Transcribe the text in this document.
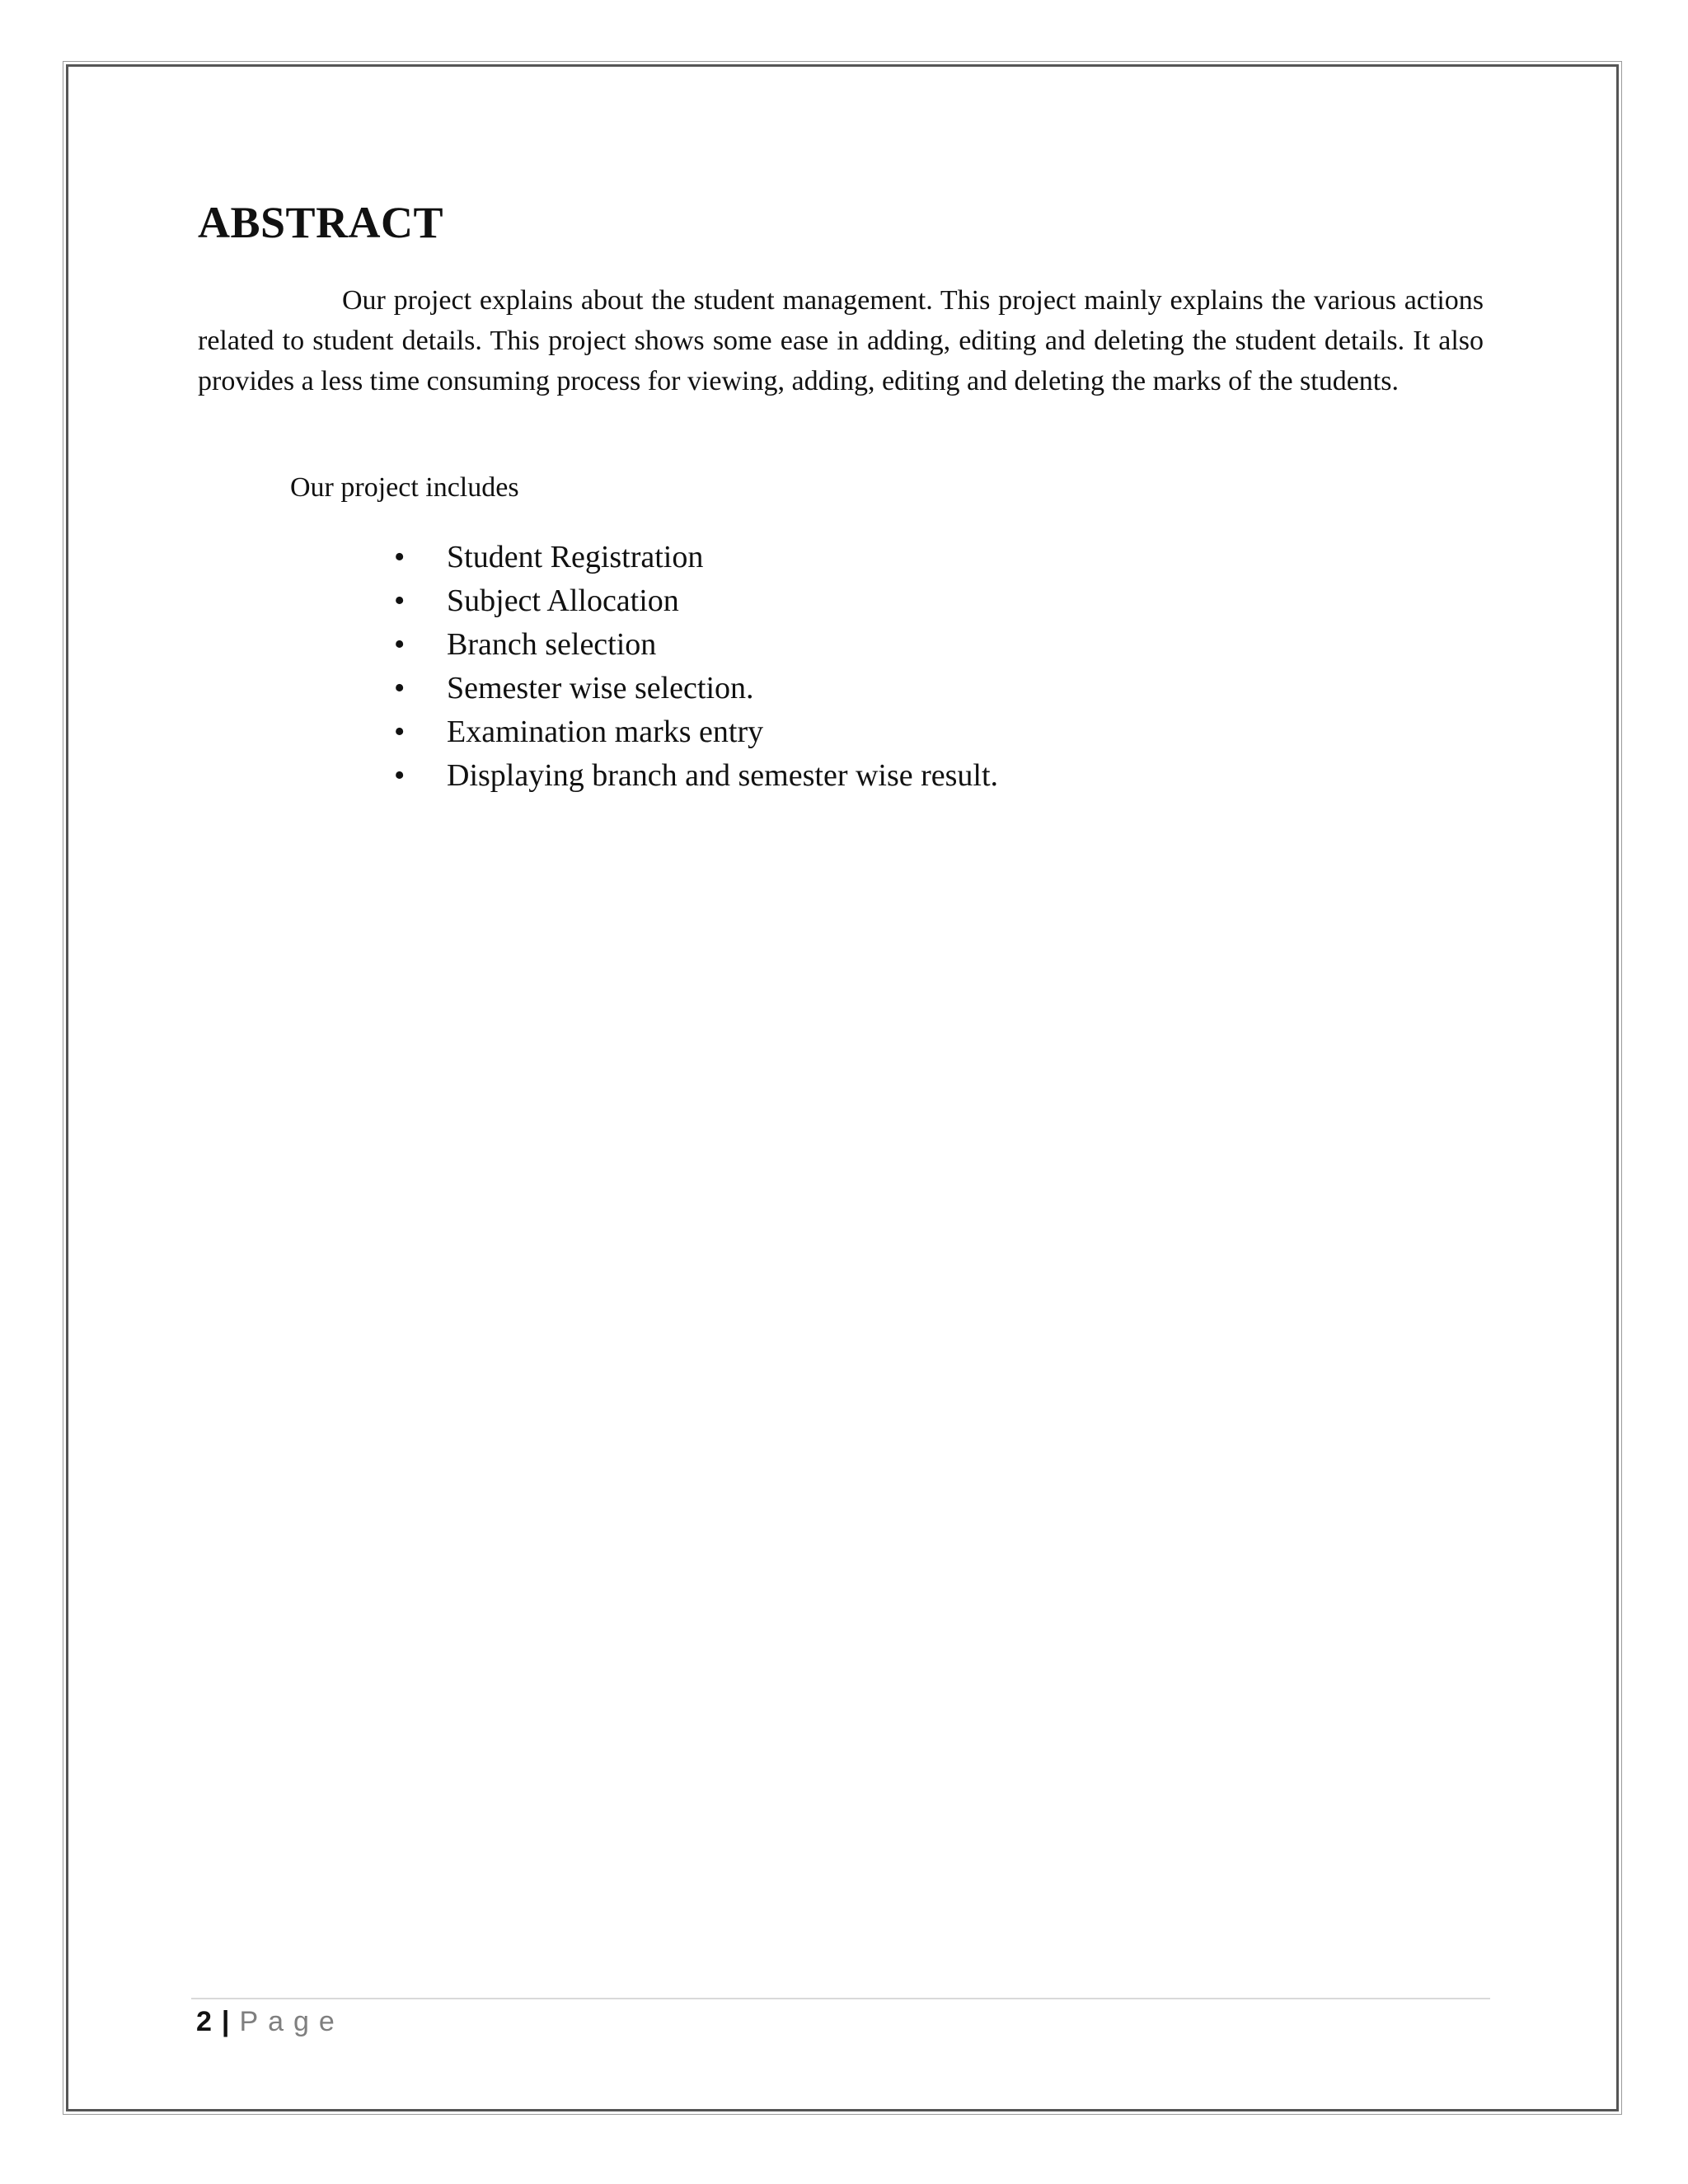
ABSTRACT

Our project explains about the student management. This project mainly explains the various actions related to student details. This project shows some ease in adding, editing and deleting the student details. It also provides a less time consuming process for viewing, adding, editing and deleting the marks of the students.

Our project includes

• Student Registration
• Subject Allocation
• Branch selection
• Semester wise selection.
• Examination marks entry
• Displaying branch and semester wise result.

2 | Page
